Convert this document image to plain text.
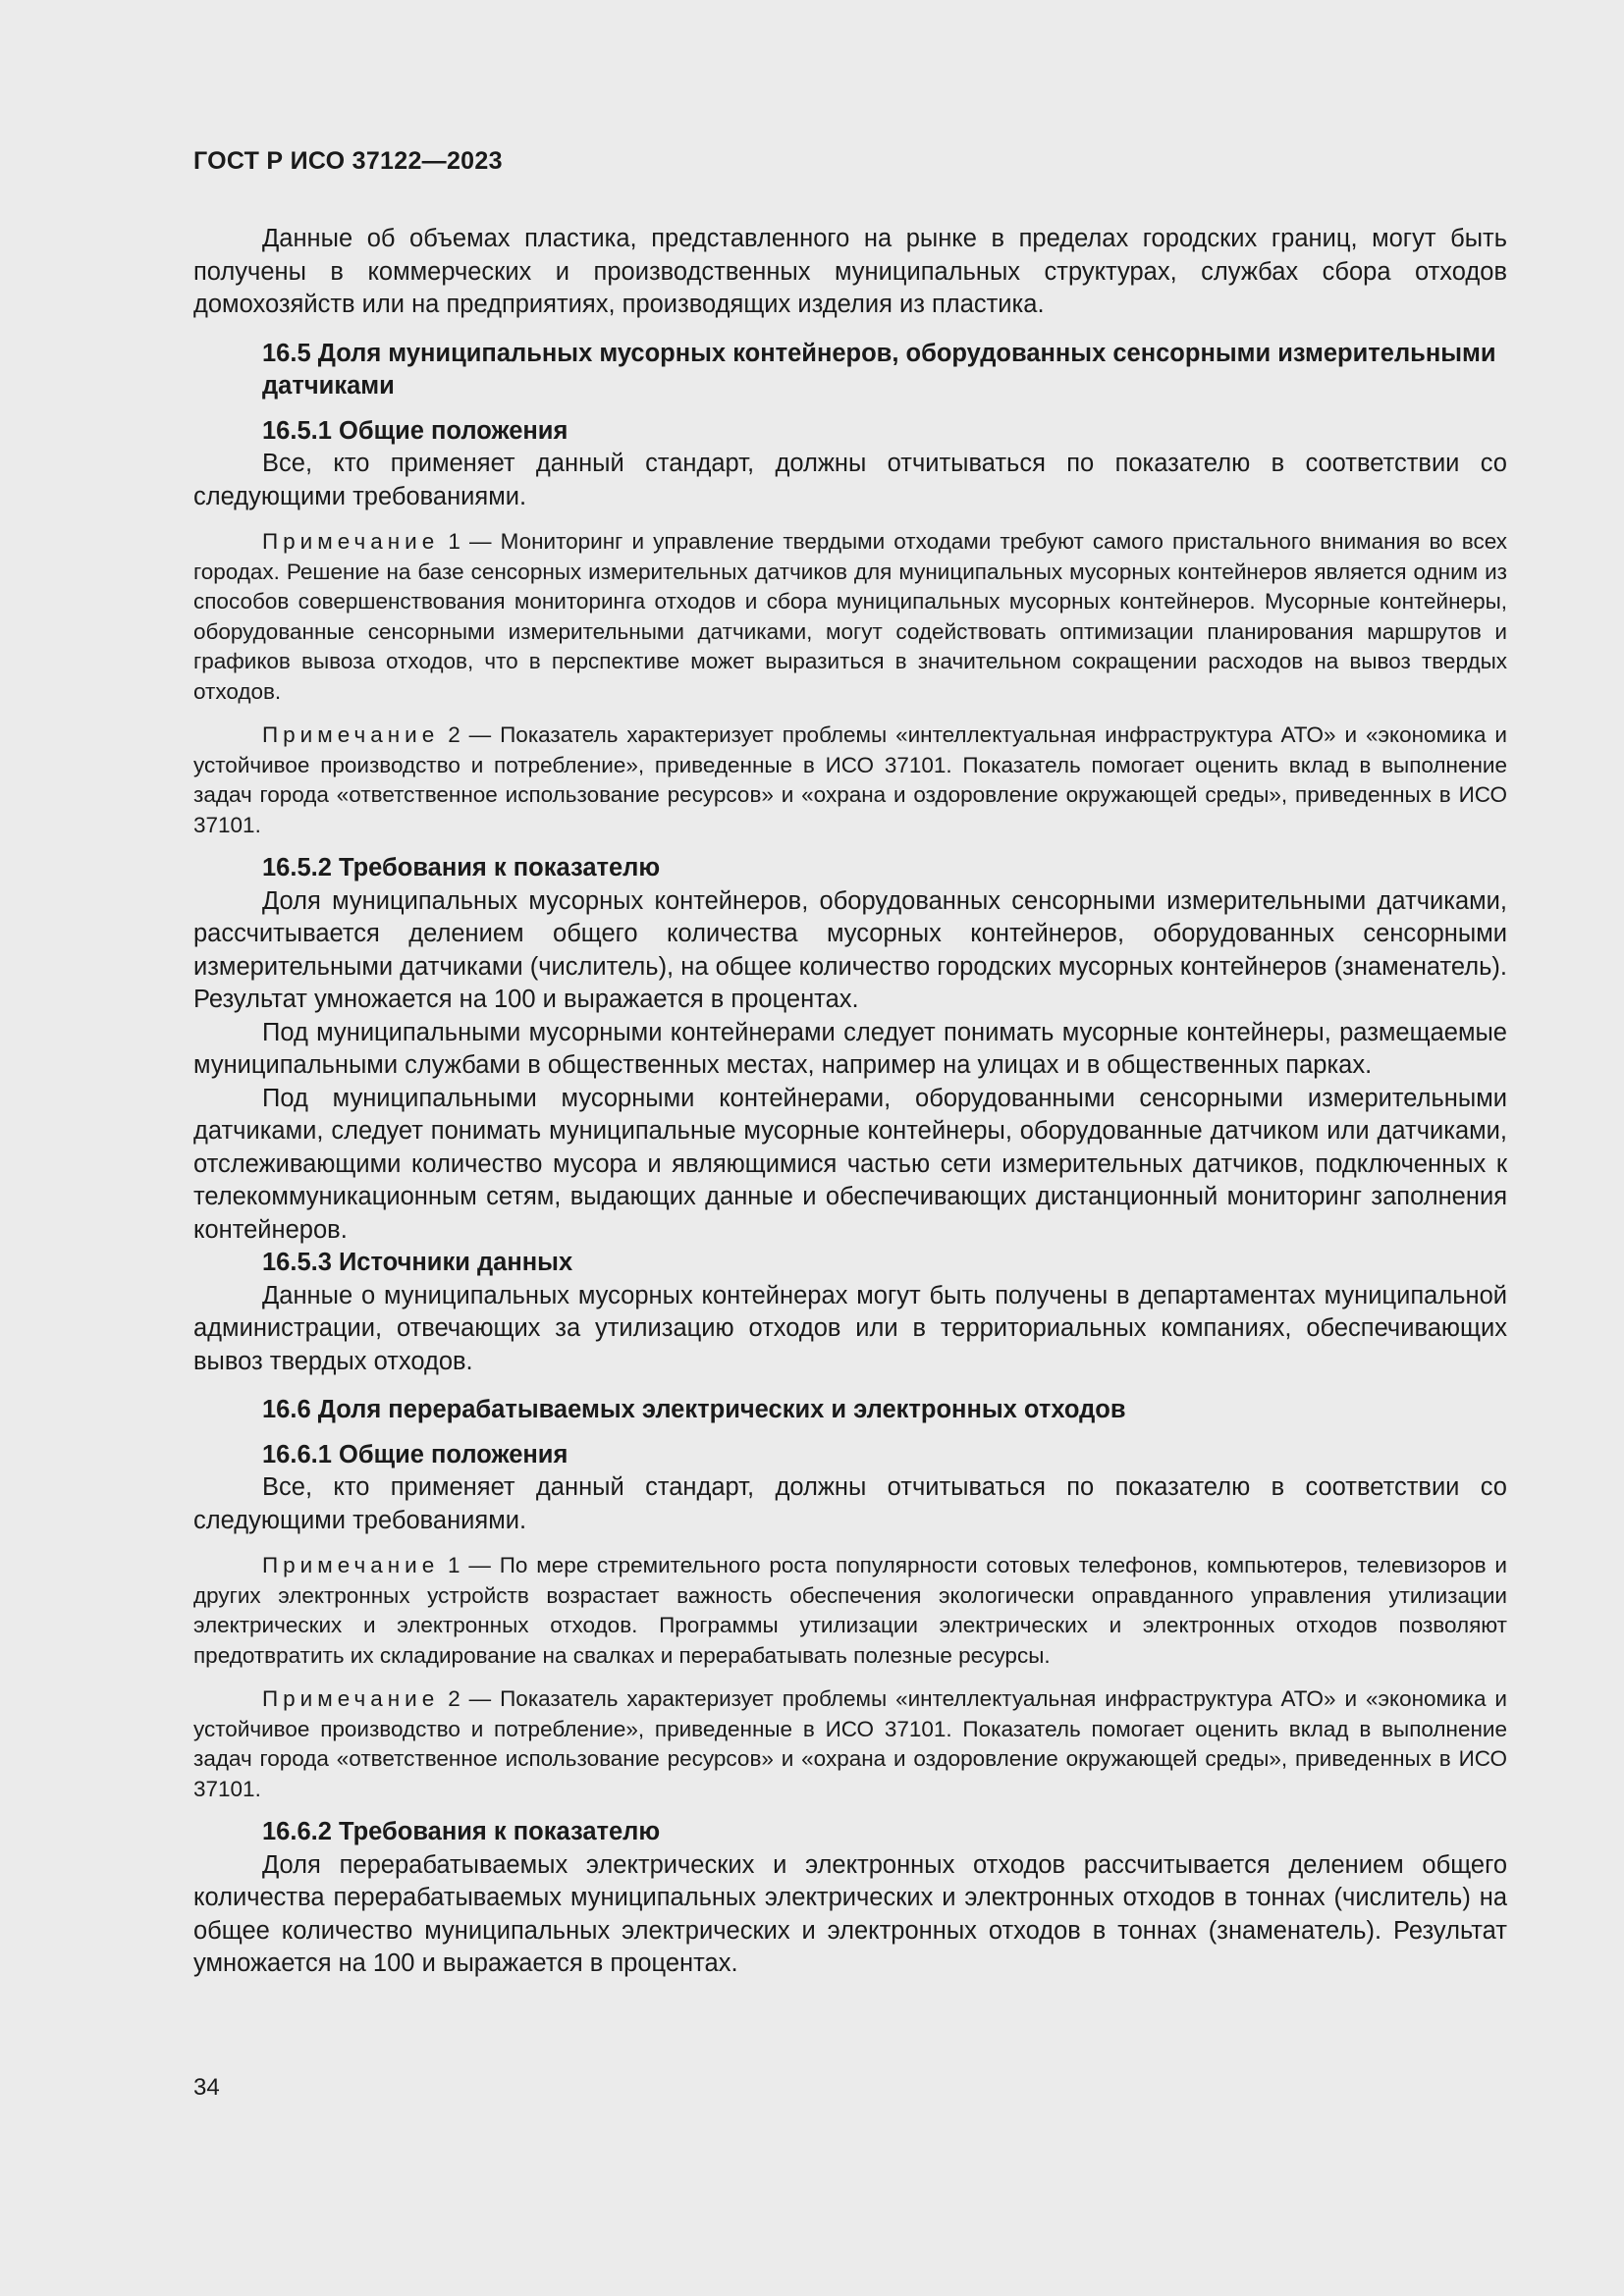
ГОСТ Р ИСО 37122—2023

Данные об объемах пластика, представленного на рынке в пределах городских границ, могут быть получены в коммерческих и производственных муниципальных структурах, службах сбора отходов домохозяйств или на предприятиях, производящих изделия из пластика.

16.5 Доля муниципальных мусорных контейнеров, оборудованных сенсорными измерительными датчиками
16.5.1 Общие положения

Все, кто применяет данный стандарт, должны отчитываться по показателю в соответствии со следующими требованиями.

Примечание 1 — Мониторинг и управление твердыми отходами требуют самого пристального внимания во всех городах. Решение на базе сенсорных измерительных датчиков для муниципальных мусорных контейнеров является одним из способов совершенствования мониторинга отходов и сбора муниципальных мусорных контейнеров. Мусорные контейнеры, оборудованные сенсорными измерительными датчиками, могут содействовать оптимизации планирования маршрутов и графиков вывоза отходов, что в перспективе может выразиться в значительном сокращении расходов на вывоз твердых отходов.

Примечание 2 — Показатель характеризует проблемы «интеллектуальная инфраструктура АТО» и «экономика и устойчивое производство и потребление», приведенные в ИСО 37101. Показатель помогает оценить вклад в выполнение задач города «ответственное использование ресурсов» и «охрана и оздоровление окружающей среды», приведенных в ИСО 37101.

16.5.2 Требования к показателю

Доля муниципальных мусорных контейнеров, оборудованных сенсорными измерительными датчиками, рассчитывается делением общего количества мусорных контейнеров, оборудованных сенсорными измерительными датчиками (числитель), на общее количество городских мусорных контейнеров (знаменатель). Результат умножается на 100 и выражается в процентах.

Под муниципальными мусорными контейнерами следует понимать мусорные контейнеры, размещаемые муниципальными службами в общественных местах, например на улицах и в общественных парках.

Под муниципальными мусорными контейнерами, оборудованными сенсорными измерительными датчиками, следует понимать муниципальные мусорные контейнеры, оборудованные датчиком или датчиками, отслеживающими количество мусора и являющимися частью сети измерительных датчиков, подключенных к телекоммуникационным сетям, выдающих данные и обеспечивающих дистанционный мониторинг заполнения контейнеров.

16.5.3 Источники данных

Данные о муниципальных мусорных контейнерах могут быть получены в департаментах муниципальной администрации, отвечающих за утилизацию отходов или в территориальных компаниях, обеспечивающих вывоз твердых отходов.

16.6 Доля перерабатываемых электрических и электронных отходов
16.6.1 Общие положения

Все, кто применяет данный стандарт, должны отчитываться по показателю в соответствии со следующими требованиями.

Примечание 1 — По мере стремительного роста популярности сотовых телефонов, компьютеров, телевизоров и других электронных устройств возрастает важность обеспечения экологически оправданного управления утилизации электрических и электронных отходов. Программы утилизации электрических и электронных отходов позволяют предотвратить их складирование на свалках и перерабатывать полезные ресурсы.

Примечание 2 — Показатель характеризует проблемы «интеллектуальная инфраструктура АТО» и «экономика и устойчивое производство и потребление», приведенные в ИСО 37101. Показатель помогает оценить вклад в выполнение задач города «ответственное использование ресурсов» и «охрана и оздоровление окружающей среды», приведенных в ИСО 37101.

16.6.2 Требования к показателю

Доля перерабатываемых электрических и электронных отходов рассчитывается делением общего количества перерабатываемых муниципальных электрических и электронных отходов в тоннах (числитель) на общее количество муниципальных электрических и электронных отходов в тоннах (знаменатель). Результат умножается на 100 и выражается в процентах.

34
